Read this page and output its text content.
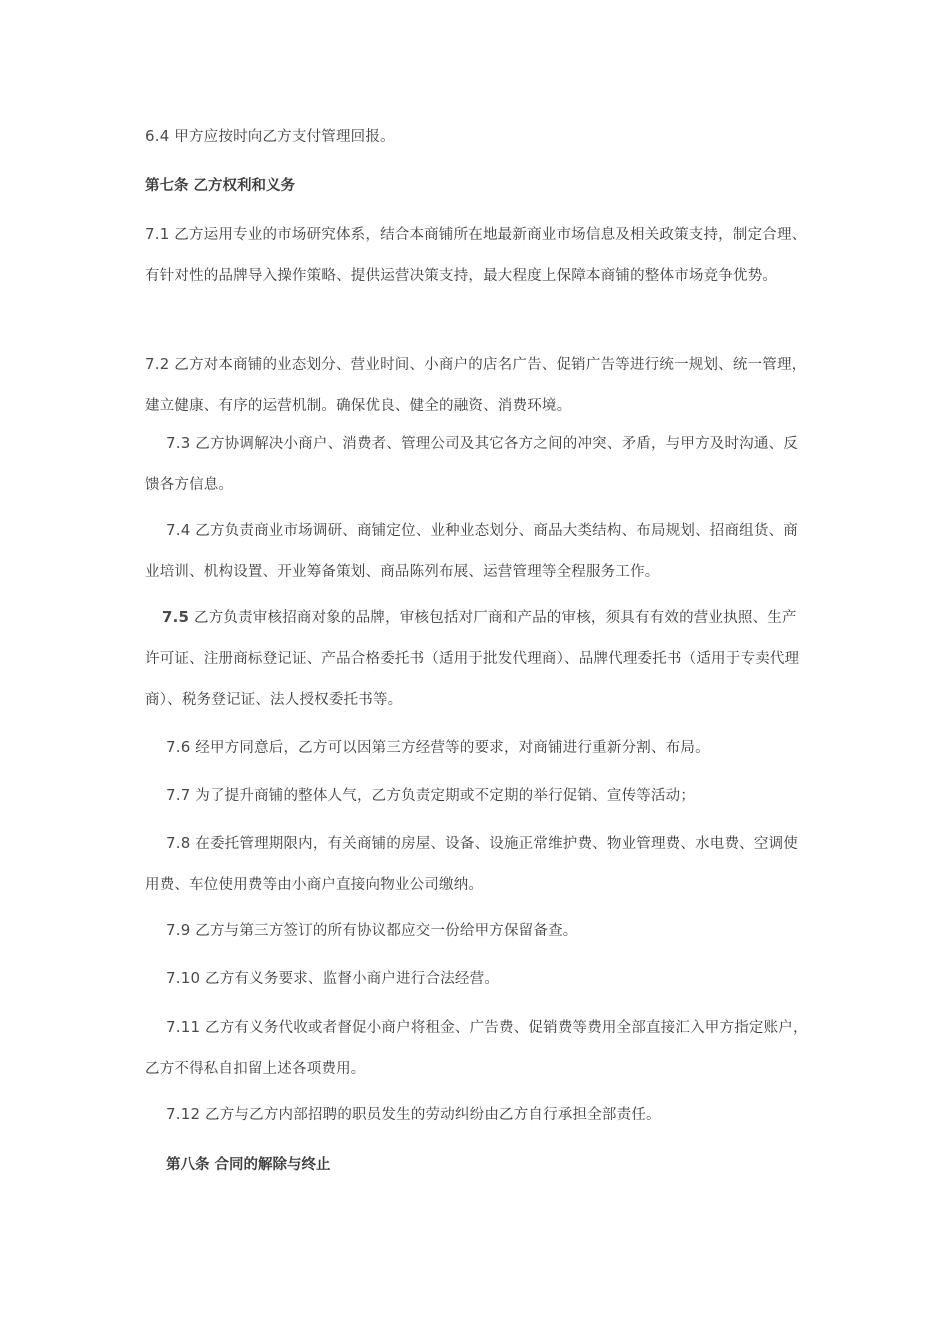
6.4 甲方应按时向乙方支付管理回报。

第七条 乙方权利和义务

7.1 乙方运用专业的市场研究体系，结合本商铺所在地最新商业市场信息及相关政策支持，制定合理、有针对性的品牌导入操作策略、提供运营决策支持，最大程度上保障本商铺的整体市场竞争优势。

7.2 乙方对本商铺的业态划分、营业时间、小商户的店名广告、促销广告等进行统一规划、统一管理，建立健康、有序的运营机制。确保优良、健全的融资、消费环境。

7.3 乙方协调解决小商户、消费者、管理公司及其它各方之间的冲突、矛盾，与甲方及时沟通、反馈各方信息。

7.4 乙方负责商业市场调研、商铺定位、业种业态划分、商品大类结构、布局规划、招商组货、商业培训、机构设置、开业筹备策划、商品陈列布展、运营管理等全程服务工作。

7.5 乙方负责审核招商对象的品牌，审核包括对厂商和产品的审核，须具有有效的营业执照、生产许可证、注册商标登记证、产品合格委托书（适用于批发代理商）、品牌代理委托书（适用于专卖代理商）、税务登记证、法人授权委托书等。

7.6 经甲方同意后，乙方可以因第三方经营等的要求，对商铺进行重新分割、布局。

7.7 为了提升商铺的整体人气，乙方负责定期或不定期的举行促销、宣传等活动；

7.8 在委托管理期限内，有关商铺的房屋、设备、设施正常维护费、物业管理费、水电费、空调使用费、车位使用费等由小商户直接向物业公司缴纳。

7.9 乙方与第三方签订的所有协议都应交一份给甲方保留备查。

7.10 乙方有义务要求、监督小商户进行合法经营。

7.11 乙方有义务代收或者督促小商户将租金、广告费、促销费等费用全部直接汇入甲方指定账户，乙方不得私自扣留上述各项费用。

7.12 乙方与乙方内部招聘的职员发生的劳动纠纷由乙方自行承担全部责任。

第八条 合同的解除与终止
